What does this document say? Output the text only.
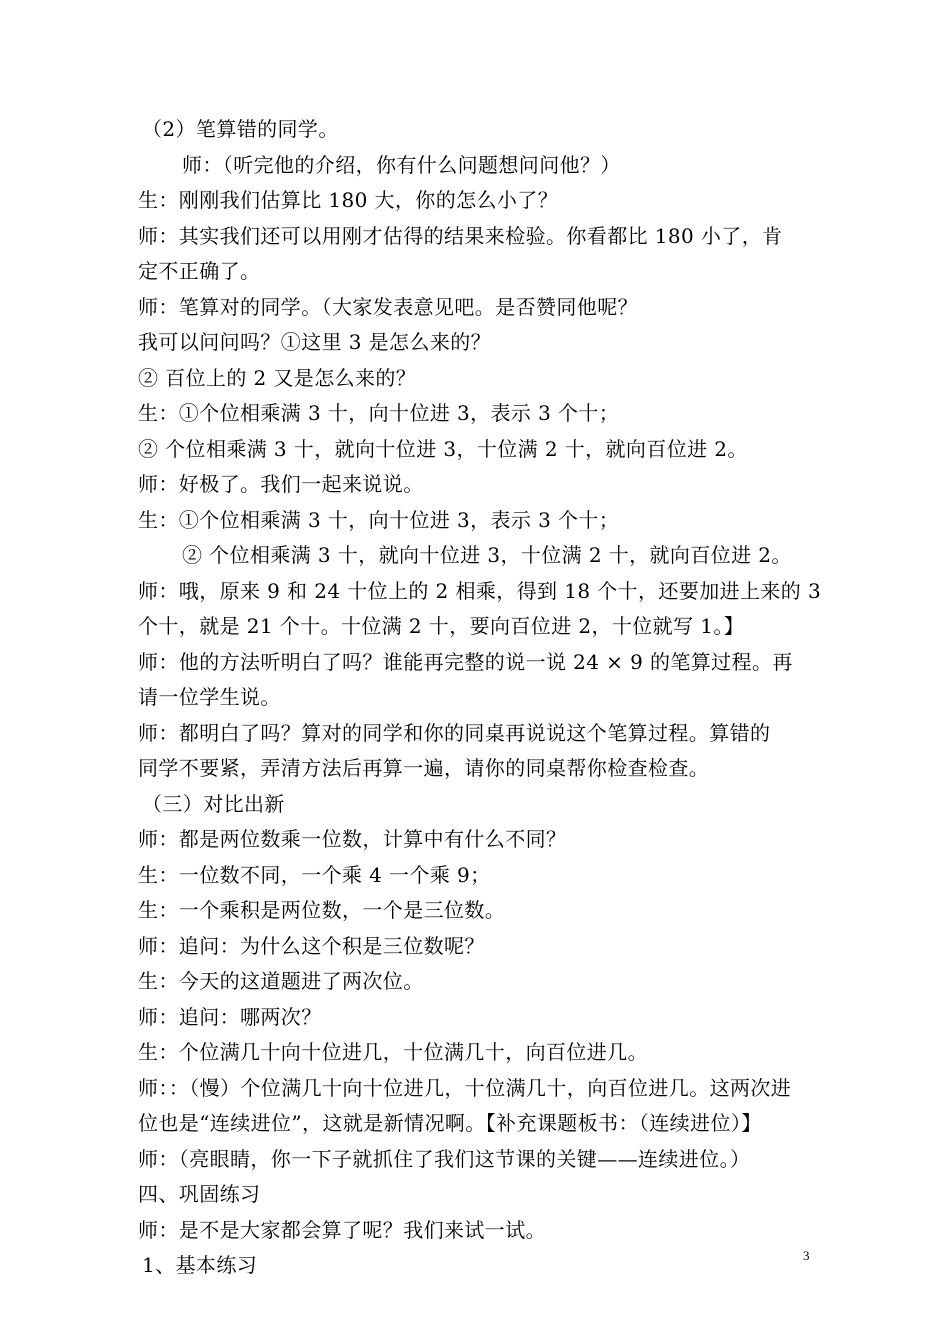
（2）笔算错的同学。
师：（听完他的介绍，你有什么问题想问问他？）
生：刚刚我们估算比 180 大，你的怎么小了？
师：其实我们还可以用刚才估得的结果来检验。你看都比 180 小了，肯
定不正确了。
师：笔算对的同学。（大家发表意见吧。是否赞同他呢？
我可以问问吗？①这里 3 是怎么来的？
② 百位上的 2 又是怎么来的？
生：①个位相乘满 3 十，向十位进 3，表示 3 个十；
② 个位相乘满 3 十，就向十位进 3，十位满 2 十，就向百位进 2。
师：好极了。我们一起来说说。
生：①个位相乘满 3 十，向十位进 3，表示 3 个十；
② 个位相乘满 3 十，就向十位进 3，十位满 2 十，就向百位进 2。
师：哦，原来 9 和 24 十位上的 2 相乘，得到 18 个十，还要加进上来的 3
个十，就是 21 个十。十位满 2 十，要向百位进 2，十位就写 1。】
师：他的方法听明白了吗？谁能再完整的说一说 24 × 9 的笔算过程。再
请一位学生说。
师：都明白了吗？算对的同学和你的同桌再说说这个笔算过程。算错的
同学不要紧，弄清方法后再算一遍，请你的同桌帮你检查检查。
（三）对比出新
师：都是两位数乘一位数，计算中有什么不同？
生：一位数不同，一个乘 4 一个乘 9；
生：一个乘积是两位数，一个是三位数。
师：追问：为什么这个积是三位数呢？
生：今天的这道题进了两次位。
师：追问：哪两次？
生：个位满几十向十位进几，十位满几十，向百位进几。
师：：（慢）个位满几十向十位进几，十位满几十，向百位进几。这两次进
位也是“连续进位”，这就是新情况啊。【补充课题板书：（连续进位）】
师：（亮眼睛，你一下子就抓住了我们这节课的关键——连续进位。）
四、巩固练习
师：是不是大家都会算了呢？我们来试一试。
1、基本练习	3
